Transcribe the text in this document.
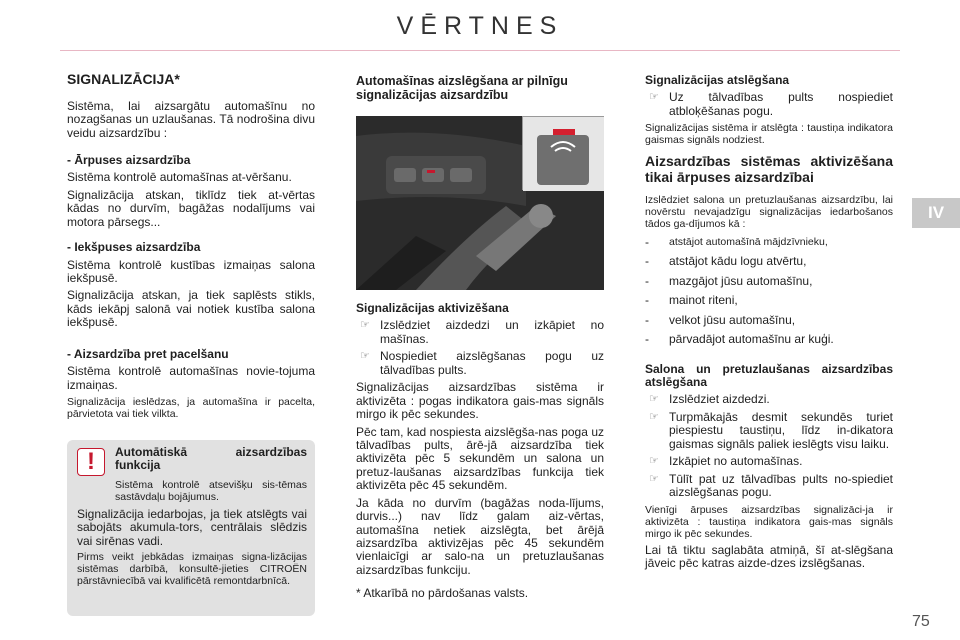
VĒRTNES
IV
75
SIGNALIZĀCIJA*

Sistēma, lai aizsargātu automašīnu no nozagšanas un uzlaušanas. Tā nodrošina divu veidu aizsardzību :

- Ārpuses aizsardzība

Sistēma kontrolē automašīnas at-vēršanu.

Signalizācija atskan, tiklīdz tiek at-vērtas kādas no durvīm, bagāžas nodalījums vai motora pārsegs...

- Iekšpuses aizsardzība

Sistēma kontrolē kustības izmaiņas salona iekšpusē.

Signalizācija atskan, ja tiek saplēsts stikls, kāds iekāpj salonā vai notiek kustība salona iekšpusē.

- Aizsardzība pret pacelšanu

Sistēma kontrolē automašīnas novie-tojuma izmaiņas.

Signalizācija ieslēdzas, ja automašīna ir pacelta, pārvietota vai tiek vilkta.

!	Automātiskā aizsardzības funkcija
Sistēma kontrolē atsevišķu sis-tēmas sastāvdaļu bojājumus.

Signalizācija iedarbojas, ja tiek atslēgts vai sabojāts akumula-tors, centrālais slēdzis vai sirēnas vadi.

Pirms veikt jebkādas izmaiņas signa-lizācijas sistēmas darbībā, konsultē-jieties CITROËN pārstāvniecībā vai kvalificētā remontdarbnīcā.

Automašīnas aizslēgšana ar pilnīgu signalizācijas aizsardzību
Signalizācijas aktivizēšana
☞ Izslēdziet aizdedzi un izkāpiet no mašīnas.
☞ Nospiediet aizslēgšanas pogu uz tālvadības pults.

Signalizācijas aizsardzības sistēma ir aktivizēta : pogas indikatora gais-mas signāls mirgo ik pēc sekundes.

Pēc tam, kad nospiesta aizslēgša-nas poga uz tālvadības pults, ārē-jā aizsardzība tiek aktivizēta pēc 5 sekundēm un salona un pretuz-laušanas aizsardzības funkcija tiek aktivizēta pēc 45 sekundēm.

Ja kāda no durvīm (bagāžas noda-lījums, durvis...) nav līdz galam aiz-vērtas, automašīna netiek aizslēgta, bet ārējā aizsardzība aktivizējas pēc 45 sekundēm vienlaicīgi ar salo-na un pretuzlaušanas aizsardzības funkciju.

* Atkarībā no pārdošanas valsts.

Signalizācijas atslēgšana
☞ Uz tālvadības pults nospiediet atbloķēšanas pogu.

Signalizācijas sistēma ir atslēgta : taustiņa indikatora gaismas signāls nodziest.

Aizsardzības sistēmas aktivizēšana tikai ārpuses aizsardzībai

Izslēdziet salona un pretuzlaušanas aizsardzību, lai novērstu nevajadzīgu signalizācijas iedarbošanos tādos ga-dījumos kā :

-	atstājot automašīnā mājdzīvnieku,
-	atstājot kādu logu atvērtu,
-	mazgājot jūsu automašīnu,
-	mainot riteni,
-	velkot jūsu automašīnu,
-	pārvadājot automašīnu ar kuģi.
Salona un pretuzlaušanas aizsardzības atslēgšana
☞ Izslēdziet aizdedzi.
☞ Turpmākajās desmit sekundēs turiet piespiestu taustiņu, līdz in-dikatora gaismas signāls paliek ieslēgts visu laiku.
☞ Izkāpiet no automašīnas.
☞ Tūlīt pat uz tālvadības pults no-spiediet aizslēgšanas pogu.

Vienīgi ārpuses aizsardzības signalizāci-ja ir aktivizēta : taustiņa indikatora gais-mas signāls mirgo ik pēc sekundes.

Lai tā tiktu saglabāta atmiņā, šī at-slēgšana jāveic pēc katras aizde-dzes izslēgšanas.
